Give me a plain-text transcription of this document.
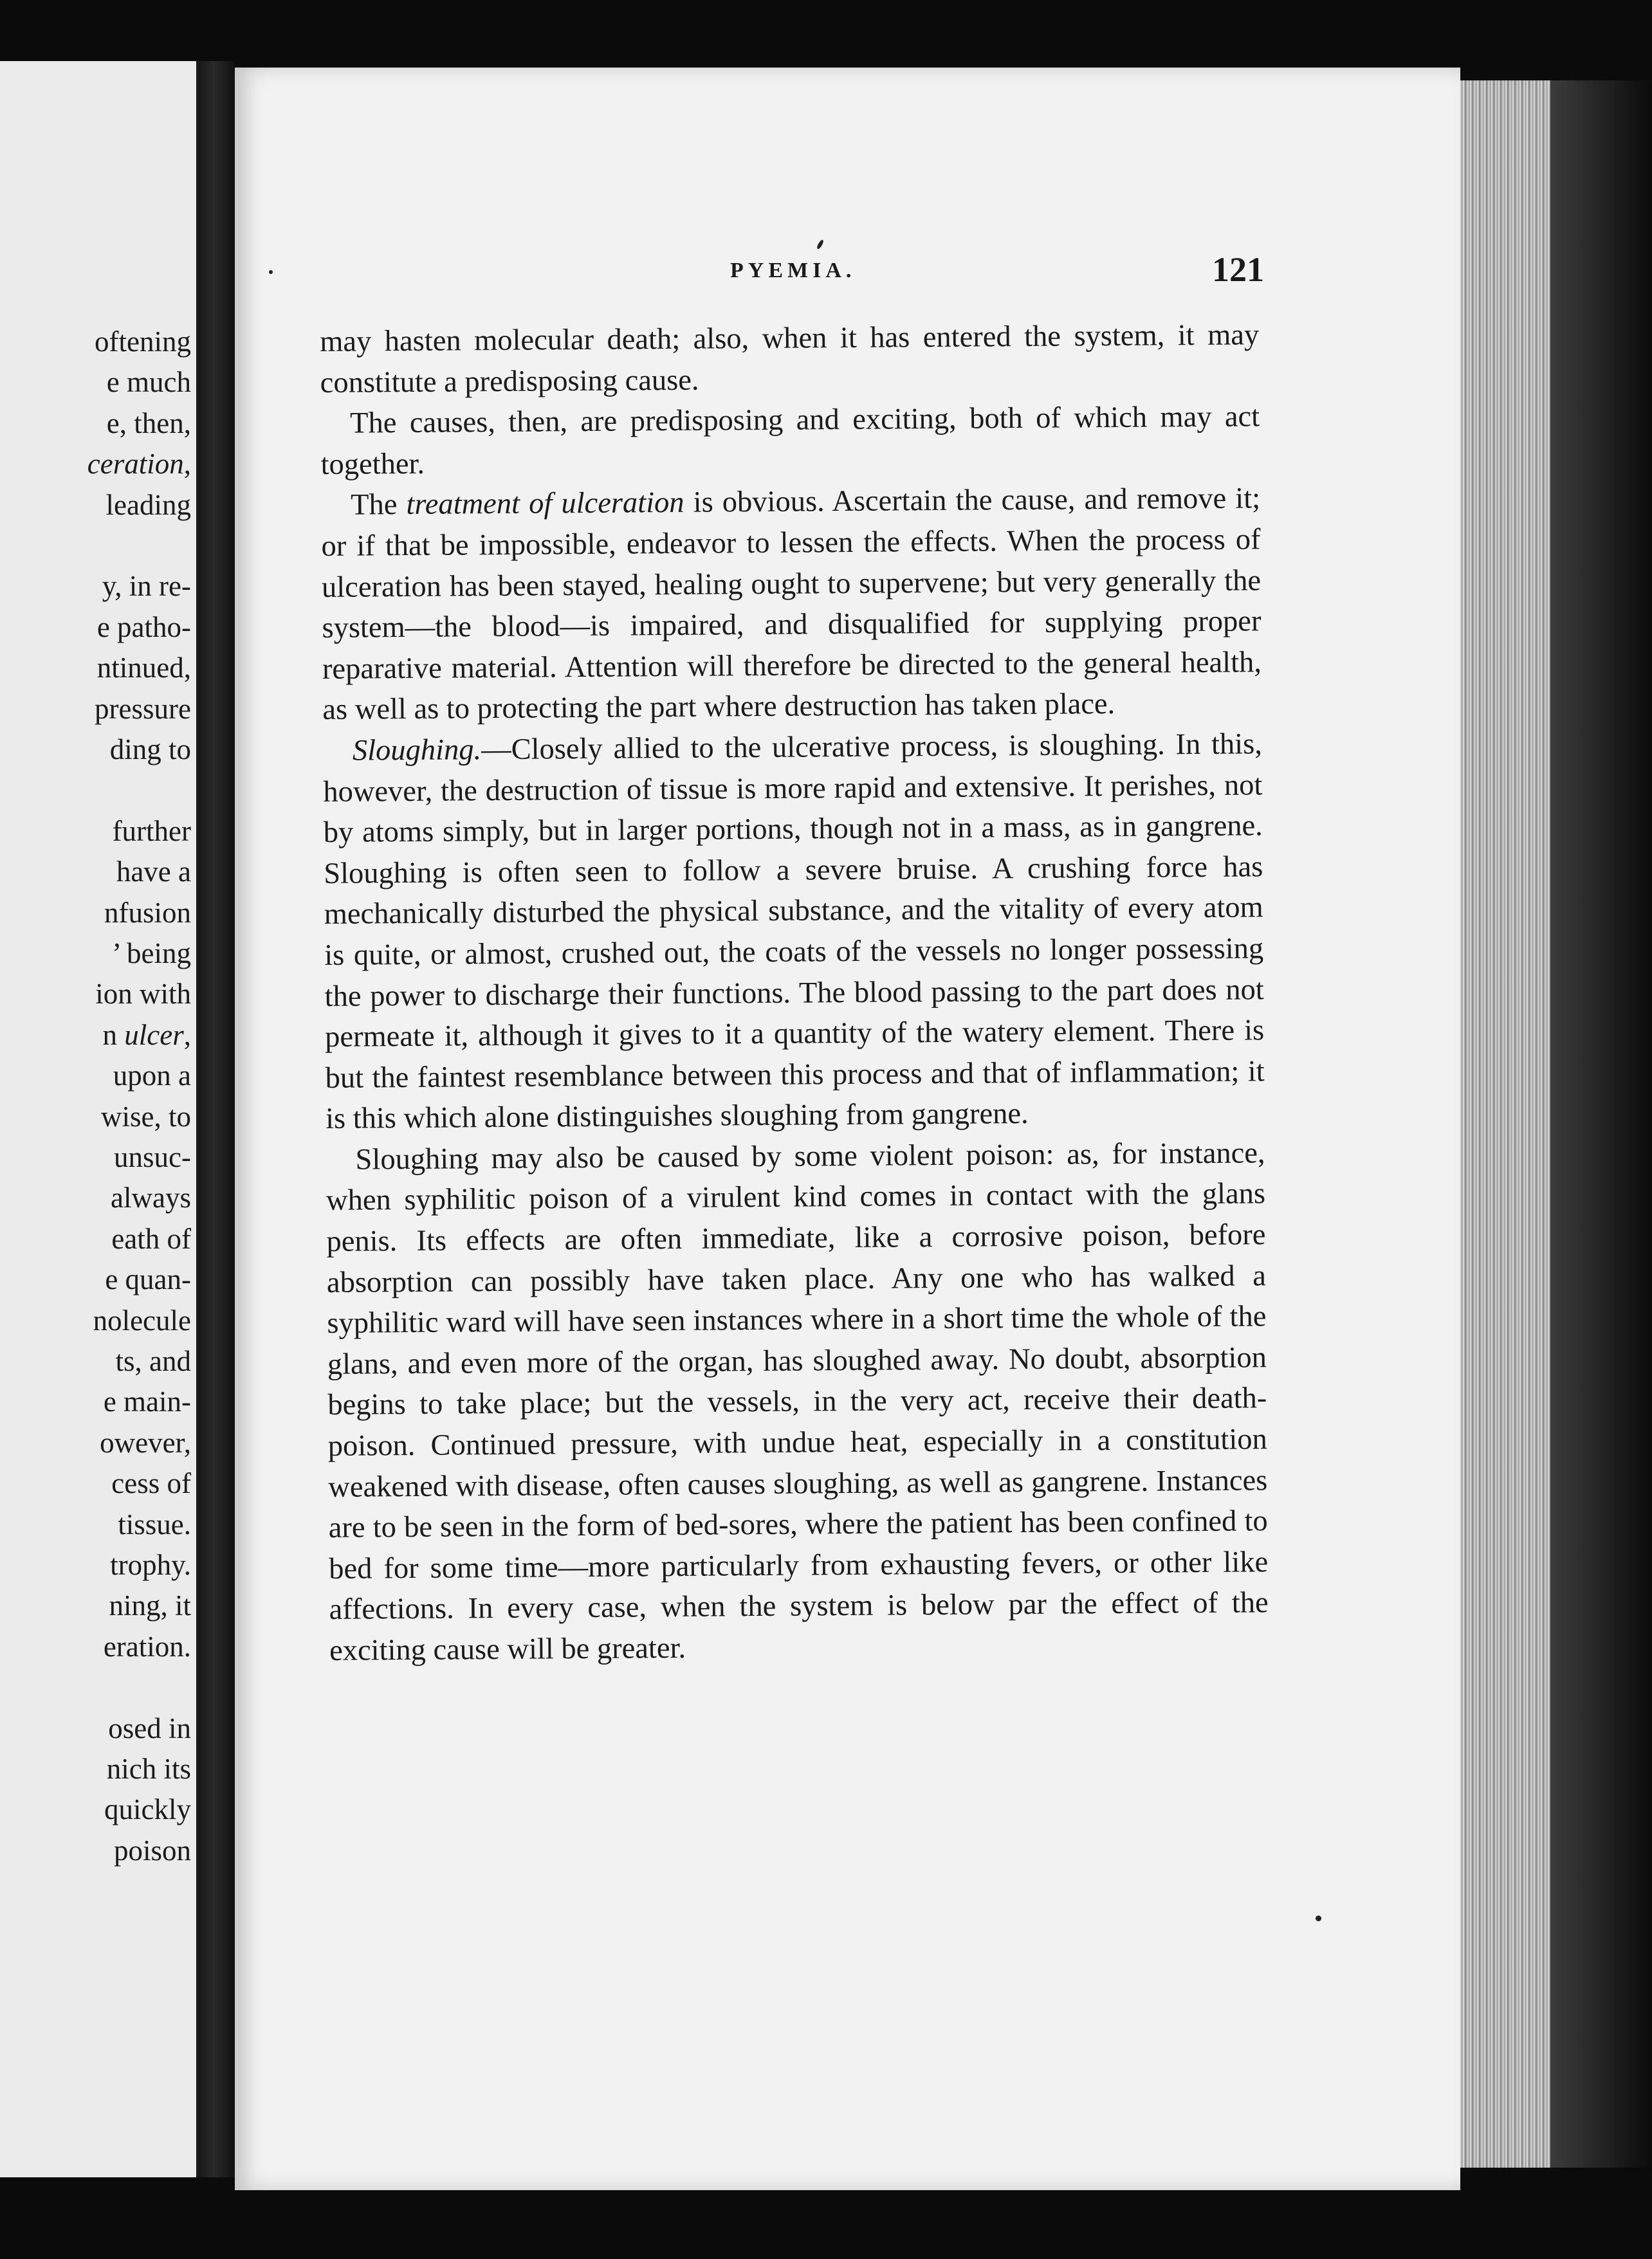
oftening
e much
e, then,
ceration,
leading
y, in re-
e patho-
ntinued,
pressure
ding to
further
have a
nfusion
’ being
ion with
n ulcer,
upon a
wise, to
unsuc-
always
eath of
e quan-
nolecule
ts, and
e main-
owever,
cess of
tissue.
trophy.
ning, it
eration.
osed in
nich its
quickly
poison
PYEMIA.	121

may hasten molecular death; also, when it has entered the system, it may constitute a predisposing cause.

The causes, then, are predisposing and exciting, both of which may act together.

The treatment of ulceration is obvious. Ascertain the cause, and remove it; or if that be impossible, endeavor to lessen the effects. When the process of ulceration has been stayed, healing ought to supervene; but very generally the system—the blood—is impaired, and disqualified for supplying proper reparative material. Attention will therefore be directed to the general health, as well as to protecting the part where destruction has taken place.

Sloughing.—Closely allied to the ulcerative process, is sloughing. In this, however, the destruction of tissue is more rapid and extensive. It perishes, not by atoms simply, but in larger portions, though not in a mass, as in gangrene. Sloughing is often seen to follow a severe bruise. A crushing force has mechanically disturbed the physical substance, and the vitality of every atom is quite, or almost, crushed out, the coats of the vessels no longer possessing the power to discharge their functions. The blood passing to the part does not permeate it, although it gives to it a quantity of the watery element. There is but the faintest resemblance between this process and that of inflammation; it is this which alone distinguishes sloughing from gangrene.

Sloughing may also be caused by some violent poison: as, for instance, when syphilitic poison of a virulent kind comes in contact with the glans penis. Its effects are often immediate, like a corrosive poison, before absorption can possibly have taken place. Any one who has walked a syphilitic ward will have seen instances where in a short time the whole of the glans, and even more of the organ, has sloughed away. No doubt, absorption begins to take place; but the vessels, in the very act, receive their death-poison. Continued pressure, with undue heat, especially in a constitution weakened with disease, often causes sloughing, as well as gangrene. Instances are to be seen in the form of bed-sores, where the patient has been confined to bed for some time—more particularly from exhausting fevers, or other like affections. In every case, when the system is below par the effect of the exciting cause will be greater.
